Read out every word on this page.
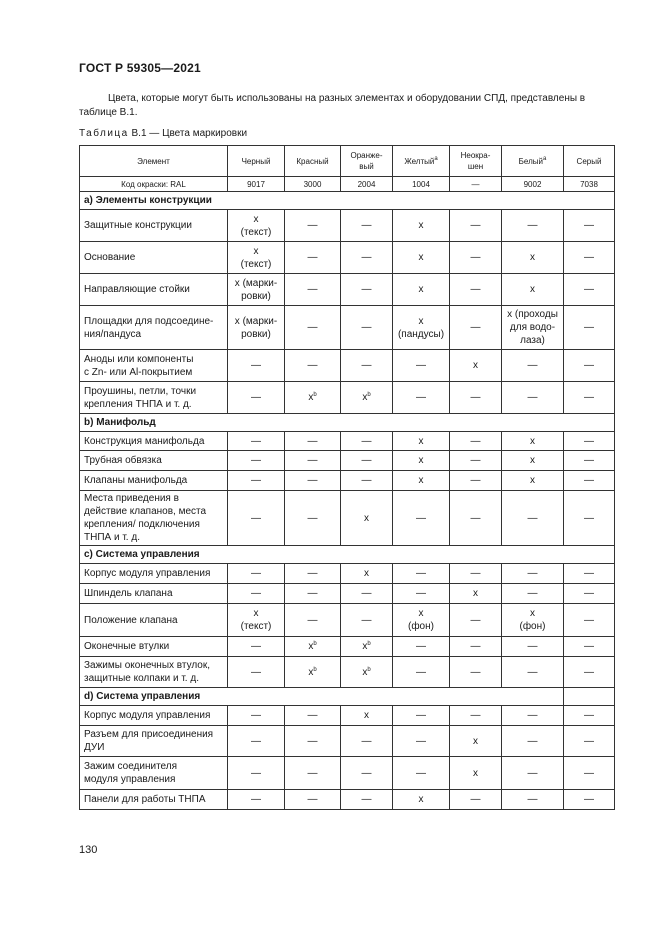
ГОСТ Р 59305—2021
Цвета, которые могут быть использованы на разных элементах и оборудовании СПД, представлены в таблице В.1.
Таблица В.1 — Цвета маркировки
Элемент	Черный	Красный	Оранже-
вый	Желтый$^a$	Неокра-
шен	Белый$^a$	Серый
Код окраски: RAL	9017	3000	2004	1004	—	9002	7038
a) Элементы конструкции							
Защитные конструкции	x
(текст)	—	—	x	—	—	—
Основание	x
(текст)	—	—	x	—	x	—
Направляющие стойки	x (марки-
ровки)	—	—	x	—	x	—
Площадки для подсоедине-
ния/пандуса	x (марки-
ровки)	—	—	x
(пандусы)	—	x (проходы
для водо-
лаза)	—
Аноды или компоненты
с Zn- или Al-покрытием	—	—	—	—	x	—	—
Проушины, петли, точки
крепления ТНПА и т. д.	—	$x^b$	$x^b$	—	—	—	—
b) Манифольд							
Конструкция манифольда	—	—	—	x	—	x	—
Трубная обвязка	—	—	—	x	—	x	—
Клапаны манифольда	—	—	—	x	—	x	—
Места приведения в
действие клапанов, места
крепления/ подключения
ТНПА и т. д.	—	—	x	—	—	—	—
c) Система управления							
Корпус модуля управления	—	—	x	—	—	—	—
Шпиндель клапана	—	—	—	—	x	—	—
Положение клапана	x
(текст)	—	—	x
(фон)	—	x
(фон)	—
Оконечные втулки	—	$x^b$	$x^b$	—	—	—	—
Зажимы оконечных втулок,
защитные колпаки и т. д.	—	$x^b$	$x^b$	—	—	—	—
d) Система управления							
Корпус модуля управления	—	—	x	—	—	—	—
Разъем для присоединения
ДУИ	—	—	—	—	x	—	—
Зажим соединителя
модуля управления	—	—	—	—	x	—	—
Панели для работы ТНПА	—	—	—	x	—	—	—
130
